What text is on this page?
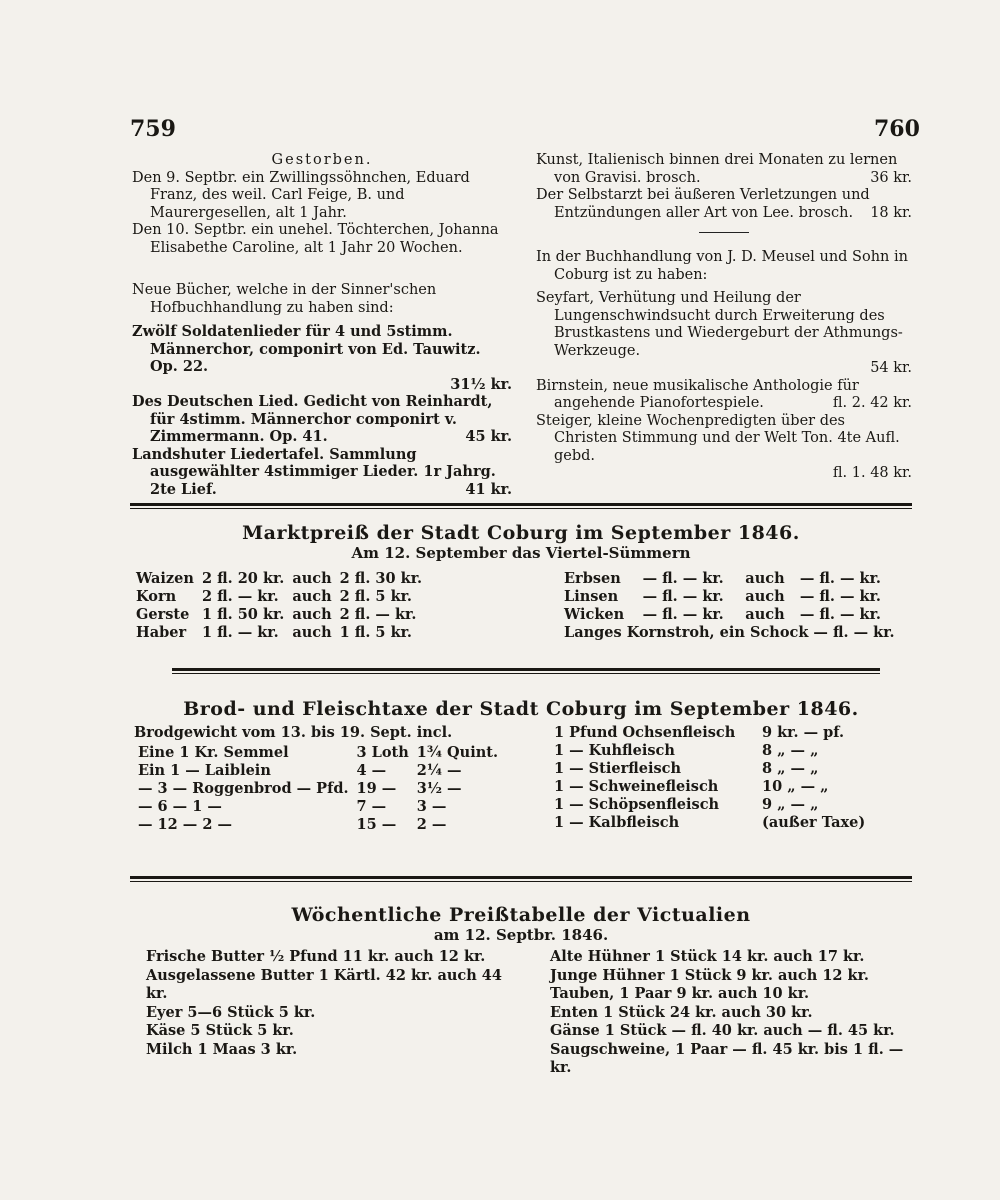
759	760
Gestorben.
Den 9. Septbr. ein Zwillingssöhnchen, Eduard Franz, des weil. Carl Feige, B. und Maurergesellen, alt 1 Jahr.
Den 10. Septbr. ein unehel. Töchterchen, Johanna Elisabethe Caroline, alt 1 Jahr 20 Wochen.
Neue Bücher, welche in der Sinner'schen Hofbuchhandlung zu haben sind:
Zwölf Soldatenlieder für 4 und 5stimm. Männerchor, componirt von Ed. Tauwitz. Op. 22.
31½ kr.
Des Deutschen Lied. Gedicht von Reinhardt, für 4stimm. Männerchor componirt v. Zimmermann. Op. 41.	45 kr.
Landshuter Liedertafel. Sammlung ausgewählter 4stimmiger Lieder. 1r Jahrg. 2te Lief.	41 kr.
Kunst, Italienisch binnen drei Monaten zu lernen von Gravisi. brosch.	36 kr.
Der Selbstarzt bei äußeren Verletzungen und Entzündungen aller Art von Lee. brosch. 18 kr.
In der Buchhandlung von J. D. Meusel und Sohn in Coburg ist zu haben:
Seyfart, Verhütung und Heilung der Lungenschwindsucht durch Erweiterung des Brustkastens und Wiedergeburt der Athmungs-Werkzeuge.
54 kr.
Birnstein, neue musikalische Anthologie für angehende Pianofortespiele.	fl. 2. 42 kr.
Steiger, kleine Wochenpredigten über des Christen Stimmung und der Welt Ton. 4te Aufl. gebd.
fl. 1. 48 kr.
Marktpreiß der Stadt Coburg im September 1846.
Am 12. September das Viertel-Sümmern
Waizen	2 fl. 20 kr.	auch	2 fl. 30 kr.
Korn	2 fl. — kr.	auch	2 fl. 5 kr.
Gerste	1 fl. 50 kr.	auch	2 fl. — kr.
Haber	1 fl. — kr.	auch	1 fl. 5 kr.
Erbsen	— fl. — kr.	auch	— fl. — kr.
Linsen	— fl. — kr.	auch	— fl. — kr.
Wicken	— fl. — kr.	auch	— fl. — kr.
Langes Kornstroh, ein Schock — fl. — kr.			
Brod- und Fleischtaxe der Stadt Coburg im September 1846.
Brodgewicht vom 13. bis 19. Sept. incl.
Eine 1 Kr. Semmel	3 Loth	1¾ Quint.
Ein 1 — Laiblein	4 —	2¼ —
— 3 — Roggenbrod — Pfd.	19 —	3½ —
— 6 — 1 —	7 —	3 —
— 12 — 2 —	15 —	2 —
1 Pfund Ochsenfleisch	9 kr. — pf.
1 — Kuhfleisch	8 „ — „
1 — Stierfleisch	8 „ — „
1 — Schweinefleisch	10 „ — „
1 — Schöpsenfleisch	9 „ — „
1 — Kalbfleisch	(außer Taxe)
Wöchentliche Preißtabelle der Victualien
am 12. Septbr. 1846.
Frische Butter ½ Pfund 11 kr. auch 12 kr.
Ausgelassene Butter 1 Kärtl. 42 kr. auch 44 kr.
Eyer 5—6 Stück 5 kr.
Käse 5 Stück 5 kr.
Milch 1 Maas 3 kr.
Alte Hühner 1 Stück 14 kr. auch 17 kr.
Junge Hühner 1 Stück 9 kr. auch 12 kr.
Tauben, 1 Paar 9 kr. auch 10 kr.
Enten 1 Stück 24 kr. auch 30 kr.
Gänse 1 Stück — fl. 40 kr. auch — fl. 45 kr.
Saugschweine, 1 Paar — fl. 45 kr. bis 1 fl. — kr.
